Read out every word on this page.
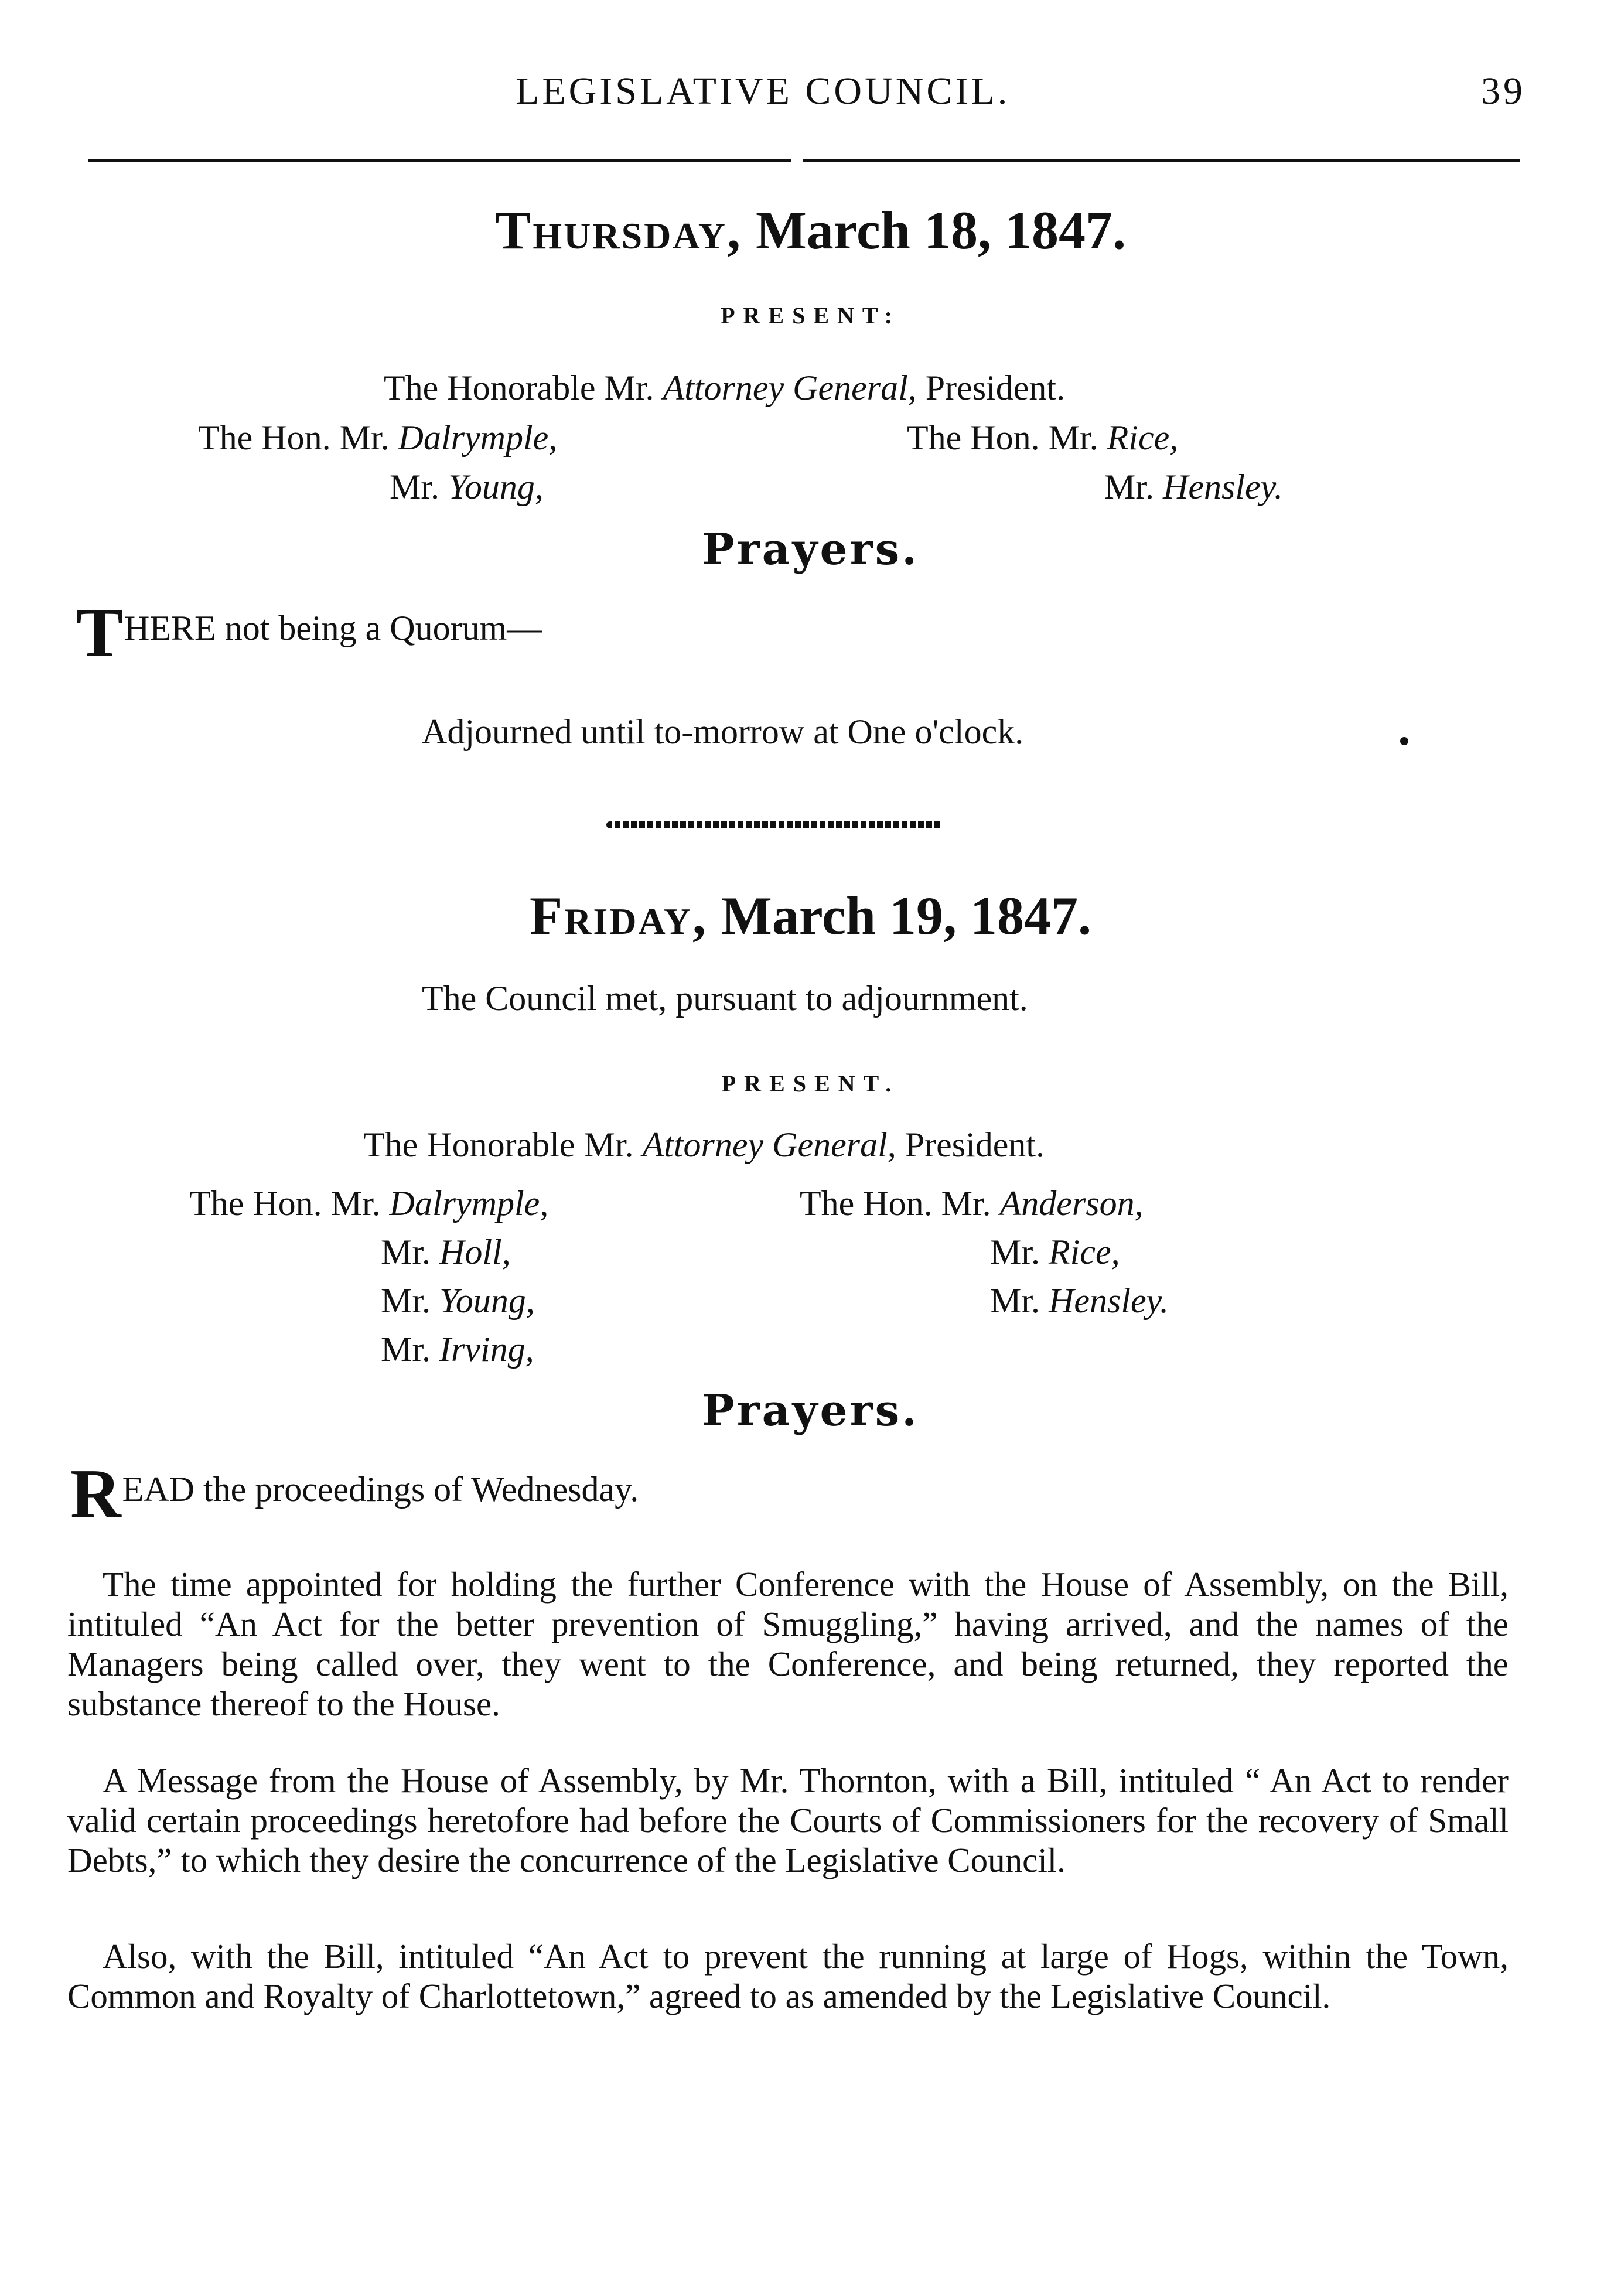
LEGISLATIVE COUNCIL.	39
Thursday, March 18, 1847.
PRESENT:
The Honorable Mr. Attorney General, President.
The Hon. Mr. Dalrymple,
Mr. Young,
The Hon. Mr. Rice,
Mr. Hensley.
Prayers.
THERE not being a Quorum—
Adjourned until to-morrow at One o'clock.
Friday, March 19, 1847.
The Council met, pursuant to adjournment.
PRESENT.
The Honorable Mr. Attorney General, President.
The Hon. Mr. Dalrymple,
Mr. Holl,
Mr. Young,
Mr. Irving,
The Hon. Mr. Anderson,
Mr. Rice,
Mr. Hensley.
Prayers.
READ the proceedings of Wednesday.
The time appointed for holding the further Conference with the House of Assembly, on the Bill, intituled “An Act for the better prevention of Smuggling,” having arrived, and the names of the Managers being called over, they went to the Conference, and being returned, they reported the substance thereof to the House.
A Message from the House of Assembly, by Mr. Thornton, with a Bill, intituled “ An Act to render valid certain proceedings heretofore had before the Courts of Commissioners for the recovery of Small Debts,” to which they desire the concurrence of the Legislative Council.
Also, with the Bill, intituled “An Act to prevent the running at large of Hogs, within the Town, Common and Royalty of Charlottetown,” agreed to as amended by the Legislative Council.
